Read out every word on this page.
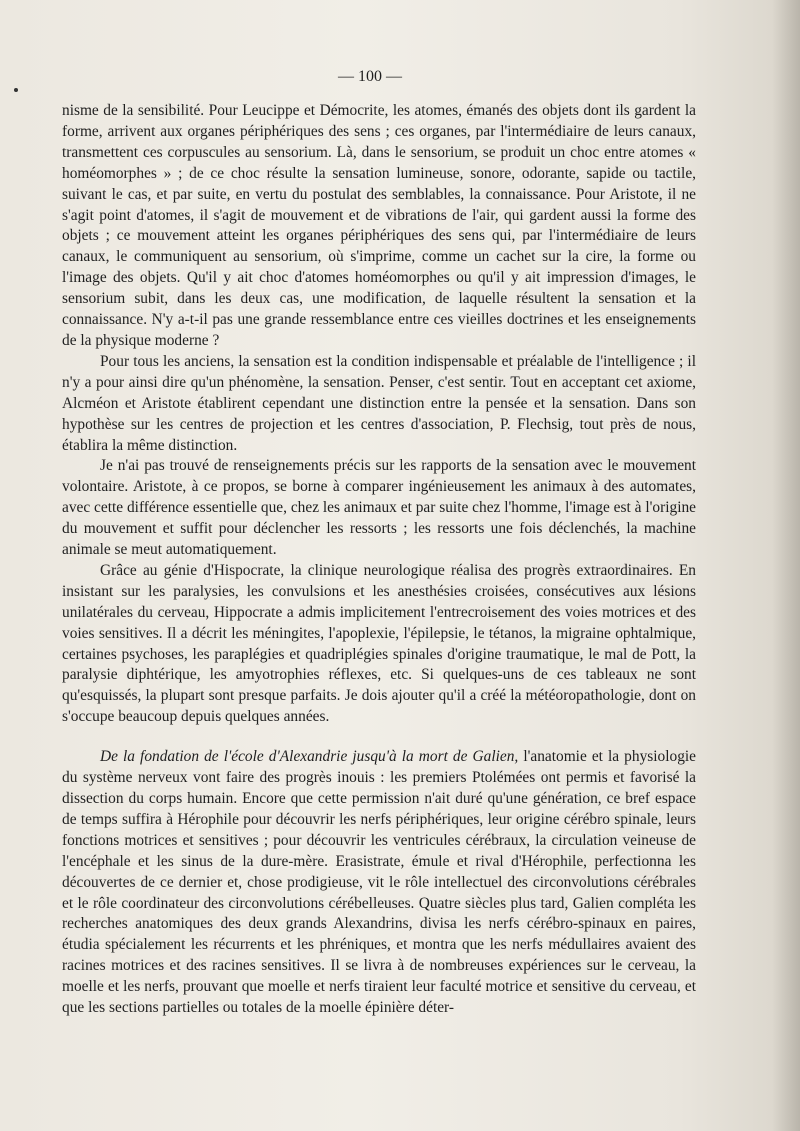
— 100 —

nisme de la sensibilité. Pour Leucippe et Démocrite, les atomes, émanés des objets dont ils gardent la forme, arrivent aux organes périphériques des sens ; ces organes, par l'intermédiaire de leurs canaux, transmettent ces corpuscules au sensorium. Là, dans le sensorium, se produit un choc entre atomes « homéomorphes » ; de ce choc résulte la sensation lumineuse, sonore, odorante, sapide ou tactile, suivant le cas, et par suite, en vertu du postulat des semblables, la connaissance. Pour Aristote, il ne s'agit point d'atomes, il s'agit de mouvement et de vibrations de l'air, qui gardent aussi la forme des objets ; ce mouvement atteint les organes périphériques des sens qui, par l'intermédiaire de leurs canaux, le communiquent au sensorium, où s'imprime, comme un cachet sur la cire, la forme ou l'image des objets. Qu'il y ait choc d'atomes homéomorphes ou qu'il y ait impression d'images, le sensorium subit, dans les deux cas, une modification, de laquelle résultent la sensation et la connaissance. N'y a-t-il pas une grande ressemblance entre ces vieilles doctrines et les enseignements de la physique moderne ?

Pour tous les anciens, la sensation est la condition indispensable et préalable de l'intelligence ; il n'y a pour ainsi dire qu'un phénomène, la sensation. Penser, c'est sentir. Tout en acceptant cet axiome, Alcméon et Aristote établirent cependant une distinction entre la pensée et la sensation. Dans son hypothèse sur les centres de projection et les centres d'association, P. Flechsig, tout près de nous, établira la même distinction.

Je n'ai pas trouvé de renseignements précis sur les rapports de la sensation avec le mouvement volontaire. Aristote, à ce propos, se borne à comparer ingénieusement les animaux à des automates, avec cette différence essentielle que, chez les animaux et par suite chez l'homme, l'image est à l'origine du mouvement et suffit pour déclencher les ressorts ; les ressorts une fois déclenchés, la machine animale se meut automatiquement.

Grâce au génie d'Hispocrate, la clinique neurologique réalisa des progrès extraordinaires. En insistant sur les paralysies, les convulsions et les anesthésies croisées, consécutives aux lésions unilatérales du cerveau, Hippocrate a admis implicitement l'entrecroisement des voies motrices et des voies sensitives. Il a décrit les méningites, l'apoplexie, l'épilepsie, le tétanos, la migraine ophtalmique, certaines psychoses, les paraplégies et quadriplégies spinales d'origine traumatique, le mal de Pott, la paralysie diphtérique, les amyotrophies réflexes, etc. Si quelques-uns de ces tableaux ne sont qu'esquissés, la plupart sont presque parfaits. Je dois ajouter qu'il a créé la météoropathologie, dont on s'occupe beaucoup depuis quelques années.

De la fondation de l'école d'Alexandrie jusqu'à la mort de Galien, l'anatomie et la physiologie du système nerveux vont faire des progrès inouis : les premiers Ptolémées ont permis et favorisé la dissection du corps humain. Encore que cette permission n'ait duré qu'une génération, ce bref espace de temps suffira à Hérophile pour découvrir les nerfs périphériques, leur origine cérébro spinale, leurs fonctions motrices et sensitives ; pour découvrir les ventricules cérébraux, la circulation veineuse de l'encéphale et les sinus de la dure-mère. Erasistrate, émule et rival d'Hérophile, perfectionna les découvertes de ce dernier et, chose prodigieuse, vit le rôle intellectuel des circonvolutions cérébrales et le rôle coordinateur des circonvolutions cérébelleuses. Quatre siècles plus tard, Galien compléta les recherches anatomiques des deux grands Alexandrins, divisa les nerfs cérébro-spinaux en paires, étudia spécialement les récurrents et les phréniques, et montra que les nerfs médullaires avaient des racines motrices et des racines sensitives. Il se livra à de nombreuses expériences sur le cerveau, la moelle et les nerfs, prouvant que moelle et nerfs tiraient leur faculté motrice et sensitive du cerveau, et que les sections partielles ou totales de la moelle épinière déter-
